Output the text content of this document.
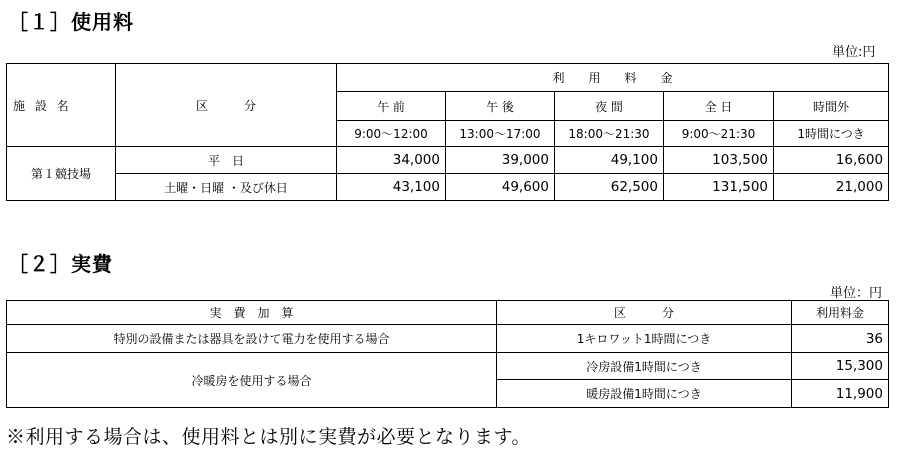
［１］使用料
単位:円
施 設 名	区　　　分	利　　用　　料　　金				
		午 前	午 後	夜 間	全 日	時間外
		9:00～12:00	13:00～17:00	18:00～21:30	9:00～21:30	1時間につき
第１競技場	平　日	34,000	39,000	49,100	103,500	16,600
	土曜・日曜 ・及び休日	43,100	49,600	62,500	131,500	21,000
［２］実費
単位：円
実　費　加　算	区　　　分	利用料金
特別の設備または器具を設けて電力を使用する場合	1キロワット1時間につき	36
冷暖房を使用する場合	冷房設備1時間につき	15,300
	暖房設備1時間につき	11,900
※利用する場合は、使用料とは別に実費が必要となります。
